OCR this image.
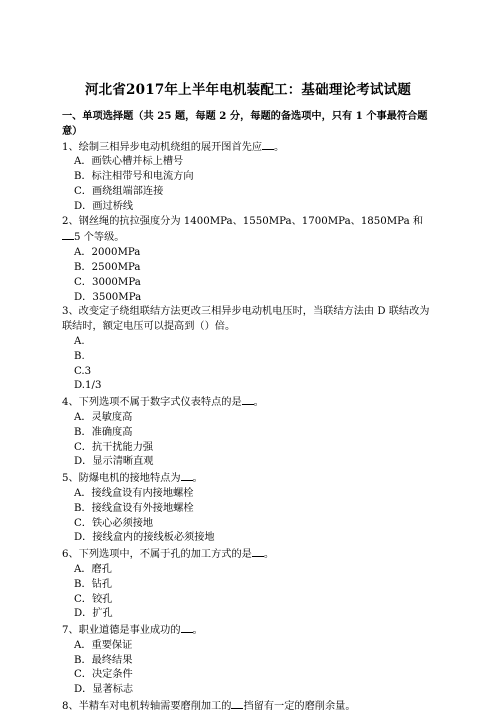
河北省2017年上半年电机装配工：基础理论考试试题
一、单项选择题（共 25 题，每题 2 分，每题的备选项中，只有 1 个事最符合题意）
1、绘制三相异步电动机绕组的展开图首先应 。
A．画铁心槽并标上槽号
B．标注相带号和电流方向
C．画绕组端部连接
D．画过桥线
2、钢丝绳的抗拉强度分为 1400MPa、1550MPa、1700MPa、1850MPa 和5 个等级。
A．2000MPa
B．2500MPa
C．3000MPa
D．3500MPa
3、改变定子绕组联结方法更改三相异步电动机电压时，当联结方法由 D 联结改为联结时，额定电压可以提高到（）倍。
A.
B.
C.3
D.1/3
4、下列选项不属于数字式仪表特点的是 。
A．灵敏度高
B．准确度高
C．抗干扰能力强
D．显示清晰直观
5、防爆电机的接地特点为 。
A．接线盒设有内接地螺栓
B．接线盒设有外接地螺栓
C．铁心必须接地
D．接线盒内的接线板必须接地
6、下列选项中，不属于孔的加工方式的是 。
A．磨孔
B．钻孔
C．铰孔
D．扩孔
7、职业道德是事业成功的 。
A．重要保证
B．最终结果
C．决定条件
D．显著标志
8、半精车对电机转轴需要磨削加工的 挡留有一定的磨削余量。
